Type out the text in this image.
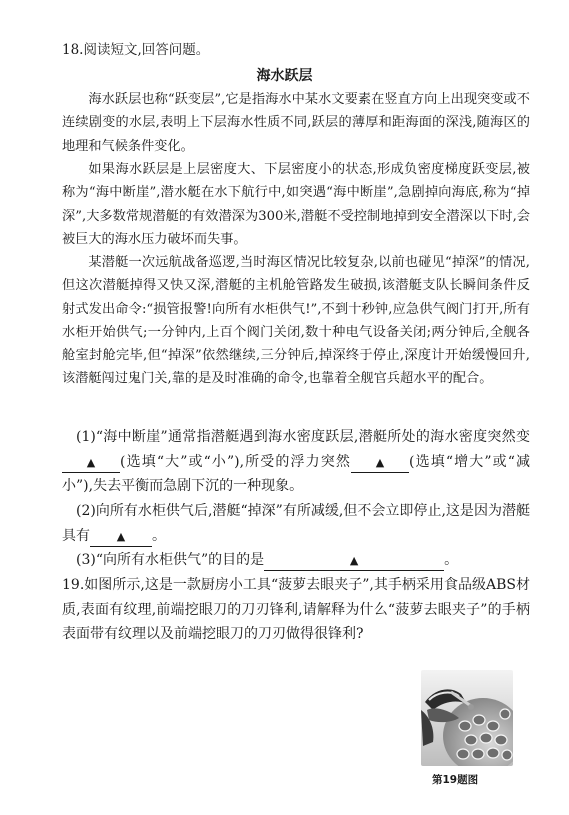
18.阅读短文,回答问题。
海水跃层

海水跃层也称“跃变层”,它是指海水中某水文要素在竖直方向上出现突变或不连续剧变的水层,表明上下层海水性质不同,跃层的薄厚和距海面的深浅,随海区的地理和气候条件变化。

如果海水跃层是上层密度大、下层密度小的状态,形成负密度梯度跃变层,被称为“海中断崖”,潜水艇在水下航行中,如突遇“海中断崖”,急剧掉向海底,称为“掉深”,大多数常规潜艇的有效潜深为300米,潜艇不受控制地掉到安全潜深以下时,会被巨大的海水压力破坏而失事。

某潜艇一次远航战备巡逻,当时海区情况比较复杂,以前也碰见“掉深”的情况,但这次潜艇掉得又快又深,潜艇的主机舱管路发生破损,该潜艇支队长瞬间条件反射式发出命令:“损管报警!向所有水柜供气!”,不到十秒钟,应急供气阀门打开,所有水柜开始供气;一分钟内,上百个阀门关闭,数十种电气设备关闭;两分钟后,全舰各舱室封舱完毕,但“掉深”依然继续,三分钟后,掉深终于停止,深度计开始缓慢回升,该潜艇闯过鬼门关,靠的是及时准确的命令,也靠着全舰官兵超水平的配合。

(1)“海中断崖”通常指潜艇遇到海水密度跃层,潜艇所处的海水密度突然变▲ (选填“大”或“小”),所受的浮力突然 ▲ (选填“增大”或“减小”),失去平衡而急剧下沉的一种现象。

(2)向所有水柜供气后,潜艇“掉深”有所减缓,但不会立即停止,这是因为潜艇具有 ▲ 。

(3)“向所有水柜供气”的目的是	▲	。

19.如图所示,这是一款厨房小工具“菠萝去眼夹子”,其手柄采用食品级ABS材质,表面有纹理,前端挖眼刀的刀刃锋利,请解释为什么“菠萝去眼夹子”的手柄表面带有纹理以及前端挖眼刀的刀刃做得很锋利?

第19题图
